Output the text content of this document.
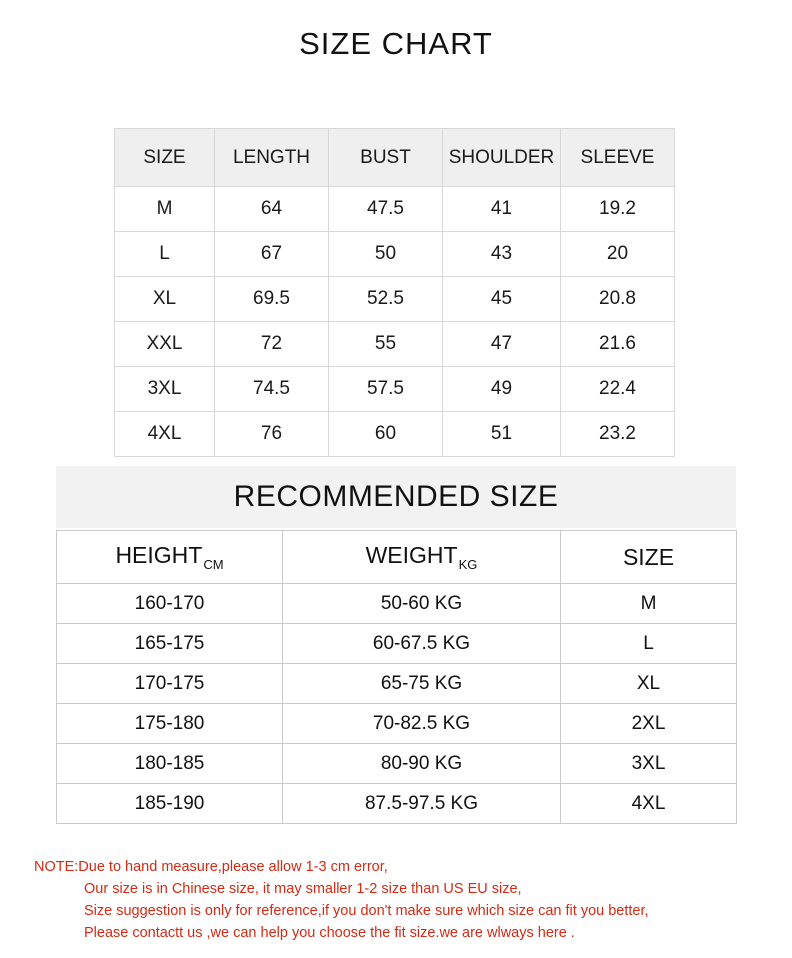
SIZE CHART
SIZE	LENGTH	BUST	SHOULDER	SLEEVE
M	64	47.5	41	19.2
L	67	50	43	20
XL	69.5	52.5	45	20.8
XXL	72	55	47	21.6
3XL	74.5	57.5	49	22.4
4XL	76	60	51	23.2
RECOMMENDED SIZE
$HEIGHT_{CM}$	$WEIGHT_{KG}$	SIZE
160-170	50-60 KG	M
165-175	60-67.5 KG	L
170-175	65-75 KG	XL
175-180	70-82.5 KG	2XL
180-185	80-90 KG	3XL
185-190	87.5-97.5 KG	4XL
NOTE:Due to hand measure,please allow 1-3 cm error,
Our size is in Chinese size, it may smaller 1-2 size than US EU size,
Size suggestion is only for reference,if you don't make sure which size can fit you better,
Please contactt us ,we can help you choose the fit size.we are wlways here .
